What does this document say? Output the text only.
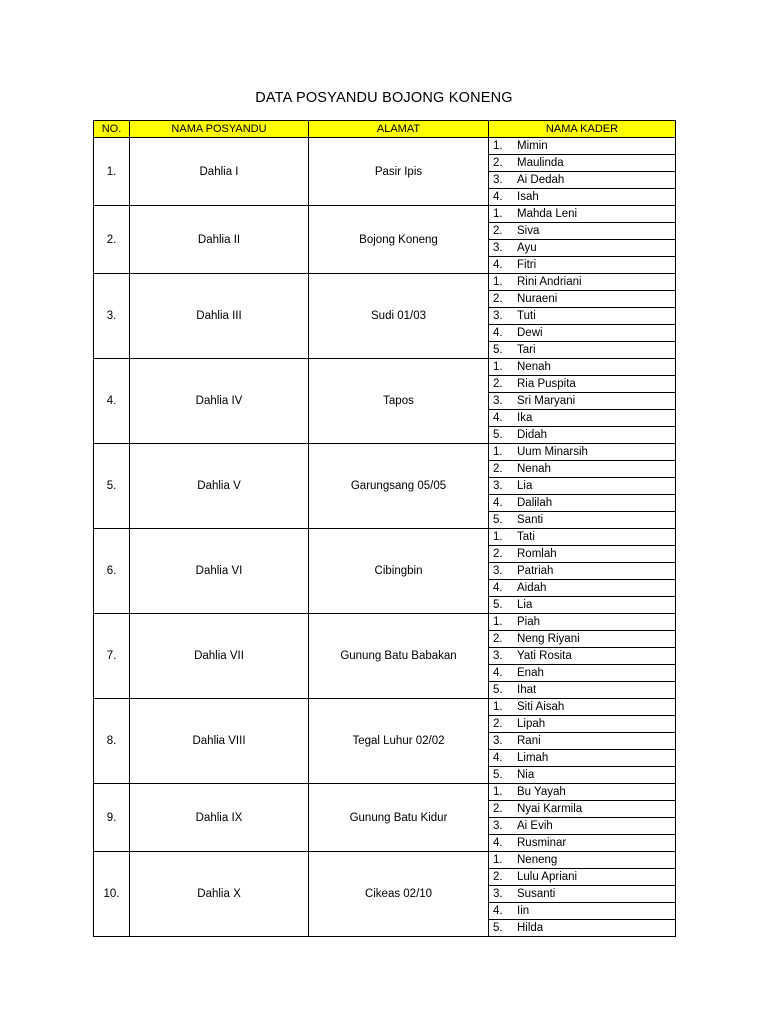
DATA POSYANDU BOJONG KONENG
NO.	NAMA POSYANDU	ALAMAT	NAMA KADER
1.	Dahlia I	Pasir Ipis	1. Mimin
			2. Maulinda
			3. Ai Dedah
			4. Isah
2.	Dahlia II	Bojong Koneng	1. Mahda Leni
			2. Siva
			3. Ayu
			4. Fitri
3.	Dahlia III	Sudi 01/03	1. Rini Andriani
			2. Nuraeni
			3. Tuti
			4. Dewi
			5. Tari
4.	Dahlia IV	Tapos	1. Nenah
			2. Ria Puspita
			3. Sri Maryani
			4. Ika
			5. Didah
5.	Dahlia V	Garungsang 05/05	1. Uum Minarsih
			2. Nenah
			3. Lia
			4. Dalilah
			5. Santi
6.	Dahlia VI	Cibingbin	1. Tati
			2. Romlah
			3. Patriah
			4. Aidah
			5. Lia
7.	Dahlia VII	Gunung Batu Babakan	1. Piah
			2. Neng Riyani
			3. Yati Rosita
			4. Enah
			5. Ihat
8.	Dahlia VIII	Tegal Luhur 02/02	1. Siti Aisah
			2. Lipah
			3. Rani
			4. Limah
			5. Nia
9.	Dahlia IX	Gunung Batu Kidur	1. Bu Yayah
			2. Nyai Karmila
			3. Ai Evih
			4. Rusminar
10.	Dahlia X	Cikeas 02/10	1. Neneng
			2. Lulu Apriani
			3. Susanti
			4. Iin
			5. Hilda
